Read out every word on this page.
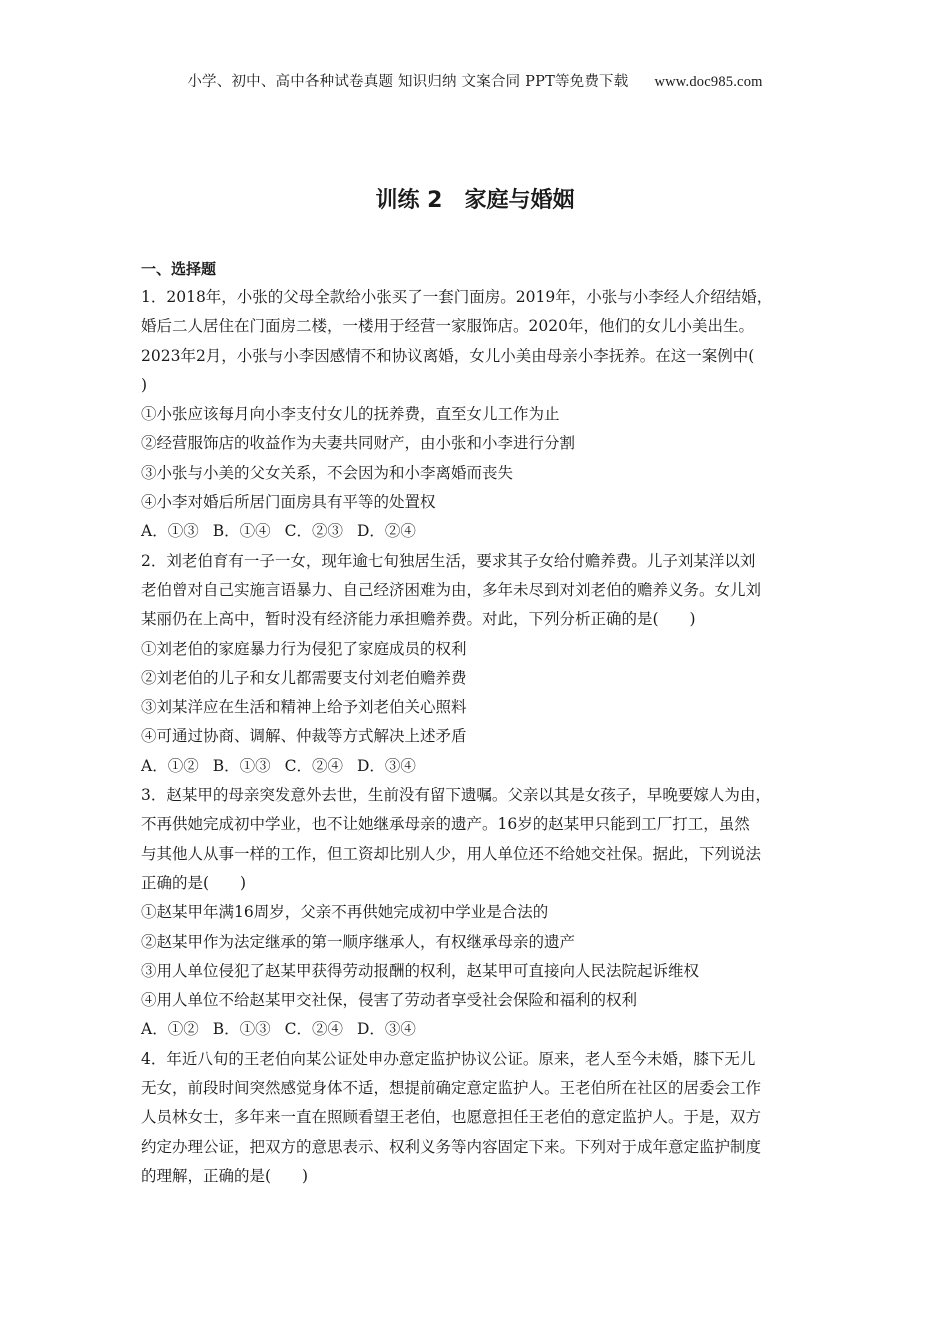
小学、初中、高中各种试卷真题 知识归纳 文案合同 PPT等免费下载 www.doc985.com
训练 2 家庭与婚姻
一、选择题
1．2018年，小张的父母全款给小张买了一套门面房。2019年，小张与小李经人介绍结婚，
婚后二人居住在门面房二楼，一楼用于经营一家服饰店。2020年，他们的女儿小美出生。
2023年2月，小张与小李因感情不和协议离婚，女儿小美由母亲小李抚养。在这一案例中(
)
①小张应该每月向小李支付女儿的抚养费，直至女儿工作为止
②经营服饰店的收益作为夫妻共同财产，由小张和小李进行分割
③小张与小美的父女关系，不会因为和小李离婚而丧失
④小李对婚后所居门面房具有平等的处置权
A．①③ B．①④ C．②③ D．②④
2．刘老伯育有一子一女，现年逾七旬独居生活，要求其子女给付赡养费。儿子刘某洋以刘
老伯曾对自己实施言语暴力、自己经济困难为由，多年未尽到对刘老伯的赡养义务。女儿刘
某丽仍在上高中，暂时没有经济能力承担赡养费。对此，下列分析正确的是(　　)
①刘老伯的家庭暴力行为侵犯了家庭成员的权利
②刘老伯的儿子和女儿都需要支付刘老伯赡养费
③刘某洋应在生活和精神上给予刘老伯关心照料
④可通过协商、调解、仲裁等方式解决上述矛盾
A．①② B．①③ C．②④ D．③④
3．赵某甲的母亲突发意外去世，生前没有留下遗嘱。父亲以其是女孩子，早晚要嫁人为由，
不再供她完成初中学业，也不让她继承母亲的遗产。16岁的赵某甲只能到工厂打工，虽然
与其他人从事一样的工作，但工资却比别人少，用人单位还不给她交社保。据此，下列说法
正确的是(　　)
①赵某甲年满16周岁，父亲不再供她完成初中学业是合法的
②赵某甲作为法定继承的第一顺序继承人，有权继承母亲的遗产
③用人单位侵犯了赵某甲获得劳动报酬的权利，赵某甲可直接向人民法院起诉维权
④用人单位不给赵某甲交社保，侵害了劳动者享受社会保险和福利的权利
A．①② B．①③ C．②④ D．③④
4．年近八旬的王老伯向某公证处申办意定监护协议公证。原来，老人至今未婚，膝下无儿
无女，前段时间突然感觉身体不适，想提前确定意定监护人。王老伯所在社区的居委会工作
人员林女士，多年来一直在照顾看望王老伯，也愿意担任王老伯的意定监护人。于是，双方
约定办理公证，把双方的意思表示、权利义务等内容固定下来。下列对于成年意定监护制度
的理解，正确的是(　　)
